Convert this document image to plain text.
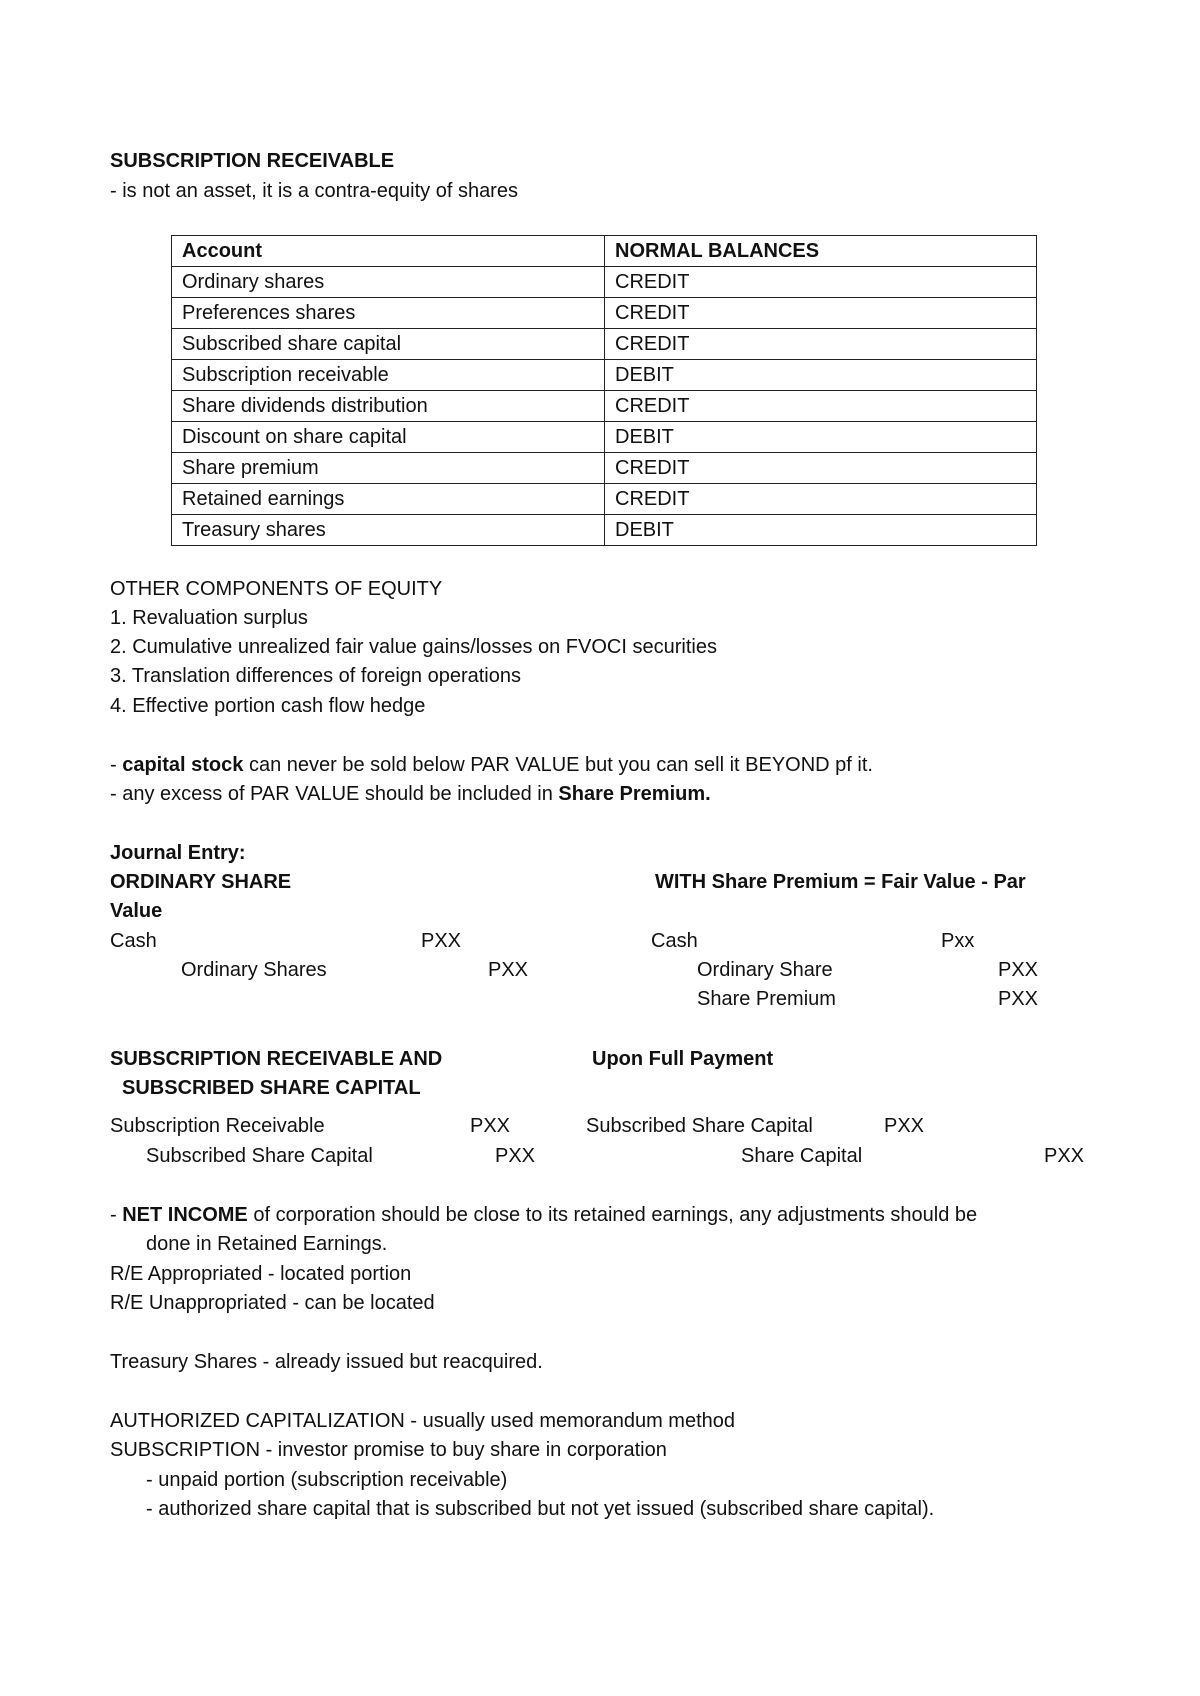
SUBSCRIPTION RECEIVABLE
- is not an asset, it is a contra-equity of shares
Account	NORMAL BALANCES
Ordinary shares	CREDIT
Preferences shares	CREDIT
Subscribed share capital	CREDIT
Subscription receivable	DEBIT
Share dividends distribution	CREDIT
Discount on share capital	DEBIT
Share premium	CREDIT
Retained earnings	CREDIT
Treasury shares	DEBIT
OTHER COMPONENTS OF EQUITY
1. Revaluation surplus
2. Cumulative unrealized fair value gains/losses on FVOCI securities
3. Translation differences of foreign operations
4. Effective portion cash flow hedge
- capital stock can never be sold below PAR VALUE but you can sell it BEYOND pf it.
- any excess of PAR VALUE should be included in Share Premium.
Journal Entry:
ORDINARY SHARE	WITH Share Premium = Fair Value - Par
Value
Cash	PXX
Ordinary Shares	PXX
Cash	Pxx
Ordinary Share	PXX
Share Premium	PXX
SUBSCRIPTION RECEIVABLE AND
SUBSCRIBED SHARE CAPITAL
Upon Full Payment
Subscription Receivable	PXX
Subscribed Share Capital	PXX
Subscribed Share Capital	PXX
Share Capital	PXX
- NET INCOME of corporation should be close to its retained earnings, any adjustments should be
done in Retained Earnings.
R/E Appropriated - located portion
R/E Unappropriated - can be located
Treasury Shares - already issued but reacquired.
AUTHORIZED CAPITALIZATION - usually used memorandum method
SUBSCRIPTION - investor promise to buy share in corporation
- unpaid portion (subscription receivable)
- authorized share capital that is subscribed but not yet issued (subscribed share capital).
